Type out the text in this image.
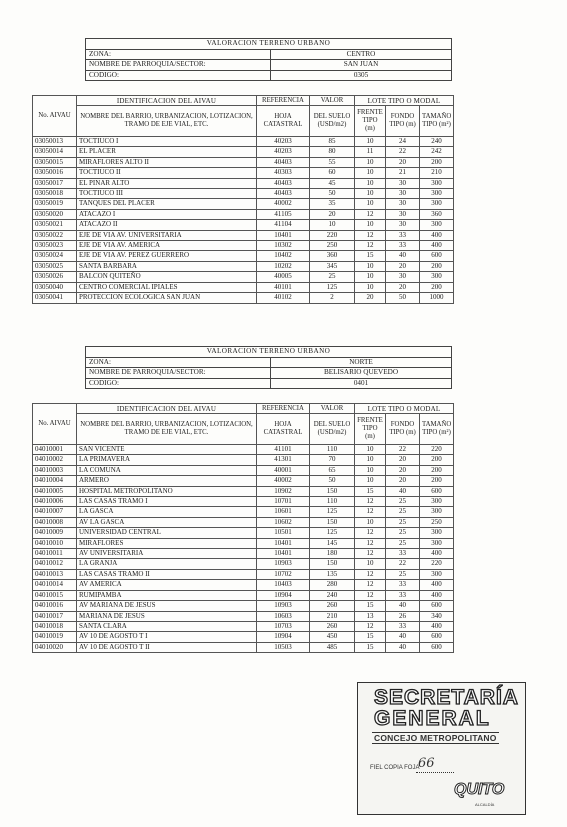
VALORACION TERRENO URBANO	
ZONA:	CENTRO
NOMBRE DE PARROQUIA/SECTOR:	SAN JUAN
CODIGO:	0305
No. AIVAU	IDENTIFICACION DEL AIVAU	REFERENCIA	VALOR	LOTE TIPO O MODAL		
	NOMBRE DEL BARRIO, URBANIZACION, LOTIZACION, TRAMO DE EJE VIAL, ETC.	HOJA CATASTRAL	DEL SUELO (USD/m2)	FRENTE TIPO (m)	FONDO TIPO (m)	TAMAÑO TIPO (m²)
03050013	TOCTIUCO I	40203	85	10	24	240
03050014	EL PLACER	40203	80	11	22	242
03050015	MIRAFLORES ALTO II	40403	55	10	20	200
03050016	TOCTIUCO II	40303	60	10	21	210
03050017	EL PINAR ALTO	40403	45	10	30	300
03050018	TOCTIUCO III	40403	50	10	30	300
03050019	TANQUES DEL PLACER	40002	35	10	30	300
03050020	ATACAZO I	41105	20	12	30	360
03050021	ATACAZO II	41104	10	10	30	300
03050022	EJE DE VIA AV. UNIVERSITARIA	10401	220	12	33	400
03050023	EJE DE VIA AV. AMERICA	10302	250	12	33	400
03050024	EJE DE VIA AV. PEREZ GUERRERO	10402	360	15	40	600
03050025	SANTA BARBARA	10202	345	10	20	200
03050026	BALCON QUITEÑO	40005	25	10	30	300
03050040	CENTRO COMERCIAL IPIALES	40101	125	10	20	200
03050041	PROTECCION ECOLOGICA SAN JUAN	40102	2	20	50	1000
VALORACION TERRENO URBANO	
ZONA:	NORTE
NOMBRE DE PARROQUIA/SECTOR:	BELISARIO QUEVEDO
CODIGO:	0401
No. AIVAU	IDENTIFICACION DEL AIVAU	REFERENCIA	VALOR	LOTE TIPO O MODAL		
	NOMBRE DEL BARRIO, URBANIZACION, LOTIZACION, TRAMO DE EJE VIAL, ETC.	HOJA CATASTRAL	DEL SUELO (USD/m2)	FRENTE TIPO (m)	FONDO TIPO (m)	TAMAÑO TIPO (m²)
04010001	SAN VICENTE	41101	110	10	22	220
04010002	LA PRIMAVERA	41301	70	10	20	200
04010003	LA COMUNA	40001	65	10	20	200
04010004	ARMERO	40002	50	10	20	200
04010005	HOSPITAL METROPOLITANO	10902	150	15	40	600
04010006	LAS CASAS TRAMO I	10701	110	12	25	300
04010007	LA GASCA	10601	125	12	25	300
04010008	AV LA GASCA	10602	150	10	25	250
04010009	UNIVERSIDAD CENTRAL	10501	125	12	25	300
04010010	MIRAFLORES	10401	145	12	25	300
04010011	AV UNIVERSITARIA	10401	180	12	33	400
04010012	LA GRANJA	10903	150	10	22	220
04010013	LAS CASAS TRAMO II	10702	135	12	25	300
04010014	AV AMERICA	10403	280	12	33	400
04010015	RUMIPAMBA	10904	240	12	33	400
04010016	AV MARIANA DE JESUS	10903	260	15	40	600
04010017	MARIANA DE JESUS	10603	210	13	26	340
04010018	SANTA CLARA	10703	260	12	33	400
04010019	AV 10 DE AGOSTO T I	10904	450	15	40	600
04010020	AV 10 DE AGOSTO T II	10503	485	15	40	600
SECRETARÍA
GENERAL
CONCEJO METROPOLITANO
FIEL COPIA FOJA
66
QUITO
ALCALDÍA
